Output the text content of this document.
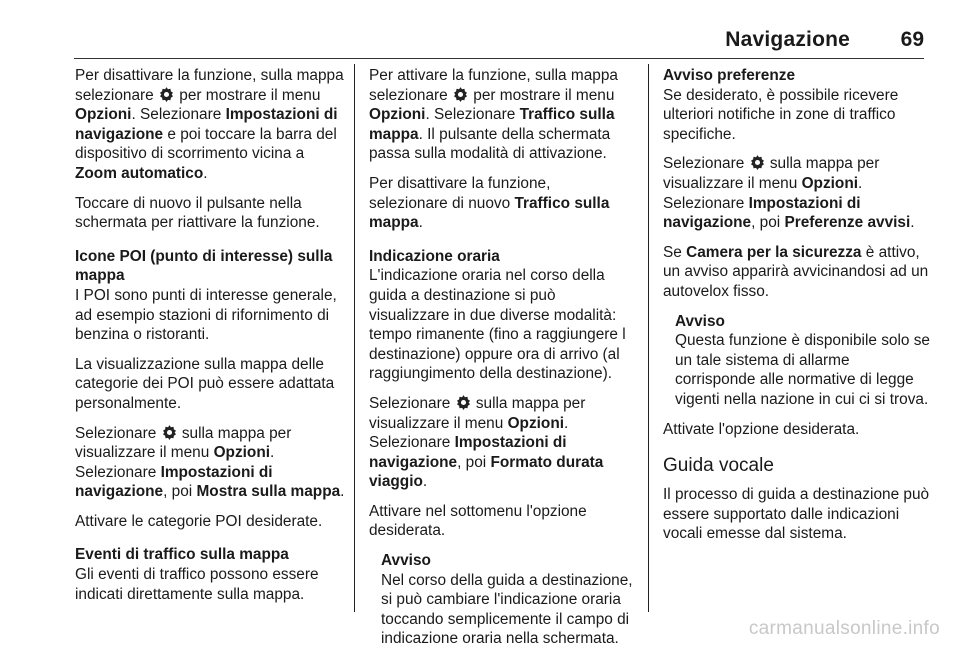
Navigazione 69

Per disattivare la funzione, sulla mappa selezionare  per mostrare il menu Opzioni. Selezionare Impostazioni di navigazione e poi toccare la barra del dispositivo di scorrimento vicina a Zoom automatico.

Toccare di nuovo il pulsante nella schermata per riattivare la funzione.

Icone POI (punto di interesse) sulla mappa

I POI sono punti di interesse generale, ad esempio stazioni di rifornimento di benzina o ristoranti.

La visualizzazione sulla mappa delle categorie dei POI può essere adattata personalmente.

Selezionare  sulla mappa per visualizzare il menu Opzioni. Selezionare Impostazioni di navigazione, poi Mostra sulla mappa.

Attivare le categorie POI desiderate.

Eventi di traffico sulla mappa

Gli eventi di traffico possono essere indicati direttamente sulla mappa.

Per attivare la funzione, sulla mappa selezionare  per mostrare il menu Opzioni. Selezionare Traffico sulla mappa. Il pulsante della schermata passa sulla modalità di attivazione.

Per disattivare la funzione, selezionare di nuovo Traffico sulla mappa.

Indicazione oraria

L'indicazione oraria nel corso della guida a destinazione si può visualizzare in due diverse modalità: tempo rimanente (fino a raggiungere l destinazione) oppure ora di arrivo (al raggiungimento della destinazione).

Selezionare  sulla mappa per visualizzare il menu Opzioni. Selezionare Impostazioni di navigazione, poi Formato durata viaggio.

Attivare nel sottomenu l'opzione desiderata.

Avviso
Nel corso della guida a destinazione, si può cambiare l'indicazione oraria toccando semplicemente il campo di indicazione oraria nella schermata.

Avviso preferenze

Se desiderato, è possibile ricevere ulteriori notifiche in zone di traffico specifiche.

Selezionare  sulla mappa per visualizzare il menu Opzioni. Selezionare Impostazioni di navigazione, poi Preferenze avvisi.

Se Camera per la sicurezza è attivo, un avviso apparirà avvicinandosi ad un autovelox fisso.

Avviso
Questa funzione è disponibile solo se un tale sistema di allarme corrisponde alle normative di legge vigenti nella nazione in cui ci si trova.

Attivate l'opzione desiderata.

Guida vocale

Il processo di guida a destinazione può essere supportato dalle indicazioni vocali emesse dal sistema.

carmanualsonline.info
